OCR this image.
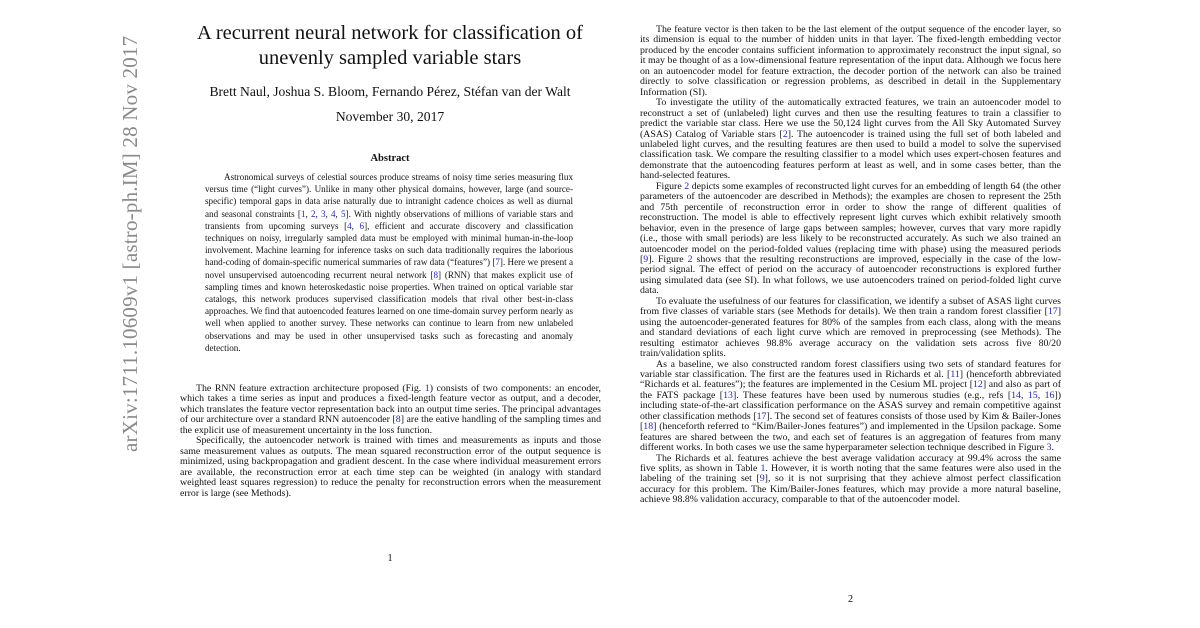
arXiv:1711.10609v1 [astro-ph.IM] 28 Nov 2017
A recurrent neural network for classification of unevenly sampled variable stars
Brett Naul, Joshua S. Bloom, Fernando Pérez, Stéfan van der Walt
November 30, 2017
Abstract

Astronomical surveys of celestial sources produce streams of noisy time series measuring flux versus time (“light curves”). Unlike in many other physical domains, however, large (and source-specific) temporal gaps in data arise naturally due to intranight cadence choices as well as diurnal and seasonal constraints [1, 2, 3, 4, 5]. With nightly observations of millions of variable stars and transients from upcoming surveys [4, 6], efficient and accurate discovery and classification techniques on noisy, irregularly sampled data must be employed with minimal human-in-the-loop involvement. Machine learning for inference tasks on such data traditionally requires the laborious hand-coding of domain-specific numerical summaries of raw data (“features”) [7]. Here we present a novel unsupervised autoencoding recurrent neural network [8] (RNN) that makes explicit use of sampling times and known heteroskedastic noise properties. When trained on optical variable star catalogs, this network produces supervised classification models that rival other best-in-class approaches. We find that autoencoded features learned on one time-domain survey perform nearly as well when applied to another survey. These networks can continue to learn from new unlabeled observations and may be used in other unsupervised tasks such as forecasting and anomaly detection.

The RNN feature extraction architecture proposed (Fig. 1) consists of two components: an encoder, which takes a time series as input and produces a fixed-length feature vector as output, and a decoder, which translates the feature vector representation back into an output time series. The principal advantages of our architecture over a standard RNN autoencoder [8] are the eative handling of the sampling times and the explicit use of measurement uncertainty in the loss function.

Specifically, the autoencoder network is trained with times and measurements as inputs and those same measurement values as outputs. The mean squared reconstruction error of the output sequence is minimized, using backpropagation and gradient descent. In the case where individual measurement errors are available, the reconstruction error at each time step can be weighted (in analogy with standard weighted least squares regression) to reduce the penalty for reconstruction errors when the measurement error is large (see Methods).

1

The feature vector is then taken to be the last element of the output sequence of the encoder layer, so its dimension is equal to the number of hidden units in that layer. The fixed-length embedding vector produced by the encoder contains sufficient information to approximately reconstruct the input signal, so it may be thought of as a low-dimensional feature representation of the input data. Although we focus here on an autoencoder model for feature extraction, the decoder portion of the network can also be trained directly to solve classification or regression problems, as described in detail in the Supplementary Information (SI).

To investigate the utility of the automatically extracted features, we train an autoencoder model to reconstruct a set of (unlabeled) light curves and then use the resulting features to train a classifier to predict the variable star class. Here we use the 50,124 light curves from the All Sky Automated Survey (ASAS) Catalog of Variable stars [2]. The autoencoder is trained using the full set of both labeled and unlabeled light curves, and the resulting features are then used to build a model to solve the supervised classification task. We compare the resulting classifier to a model which uses expert-chosen features and demonstrate that the autoencoding features perform at least as well, and in some cases better, than the hand-selected features.

Figure 2 depicts some examples of reconstructed light curves for an embedding of length 64 (the other parameters of the autoencoder are described in Methods); the examples are chosen to represent the 25th and 75th percentile of reconstruction error in order to show the range of different qualities of reconstruction. The model is able to effectively represent light curves which exhibit relatively smooth behavior, even in the presence of large gaps between samples; however, curves that vary more rapidly (i.e., those with small periods) are less likely to be reconstructed accurately. As such we also trained an autoencoder model on the period-folded values (replacing time with phase) using the measured periods [9]. Figure 2 shows that the resulting reconstructions are improved, especially in the case of the low-period signal. The effect of period on the accuracy of autoencoder reconstructions is explored further using simulated data (see SI). In what follows, we use autoencoders trained on period-folded light curve data.

To evaluate the usefulness of our features for classification, we identify a subset of ASAS light curves from five classes of variable stars (see Methods for details). We then train a random forest classifier [17] using the autoencoder-generated features for 80% of the samples from each class, along with the means and standard deviations of each light curve which are removed in preprocessing (see Methods). The resulting estimator achieves 98.8% average accuracy on the validation sets across five 80/20 train/validation splits.

As a baseline, we also constructed random forest classifiers using two sets of standard features for variable star classification. The first are the features used in Richards et al. [11] (henceforth abbreviated “Richards et al. features”); the features are implemented in the Cesium ML project [12] and also as part of the FATS package [13]. These features have been used by numerous studies (e.g., refs [14, 15, 16]) including state-of-the-art classification performance on the ASAS survey and remain competitive against other classification methods [17]. The second set of features consists of those used by Kim & Bailer-Jones [18] (henceforth referred to “Kim/Bailer-Jones features”) and implemented in the Upsilon package. Some features are shared between the two, and each set of features is an aggregation of features from many different works. In both cases we use the same hyperparameter selection technique described in Figure 3.

The Richards et al. features achieve the best average validation accuracy at 99.4% across the same five splits, as shown in Table 1. However, it is worth noting that the same features were also used in the labeling of the training set [9], so it is not surprising that they achieve almost perfect classification accuracy for this problem. The Kim/Bailer-Jones features, which may provide a more natural baseline, achieve 98.8% validation accuracy, comparable to that of the autoencoder model.

2
